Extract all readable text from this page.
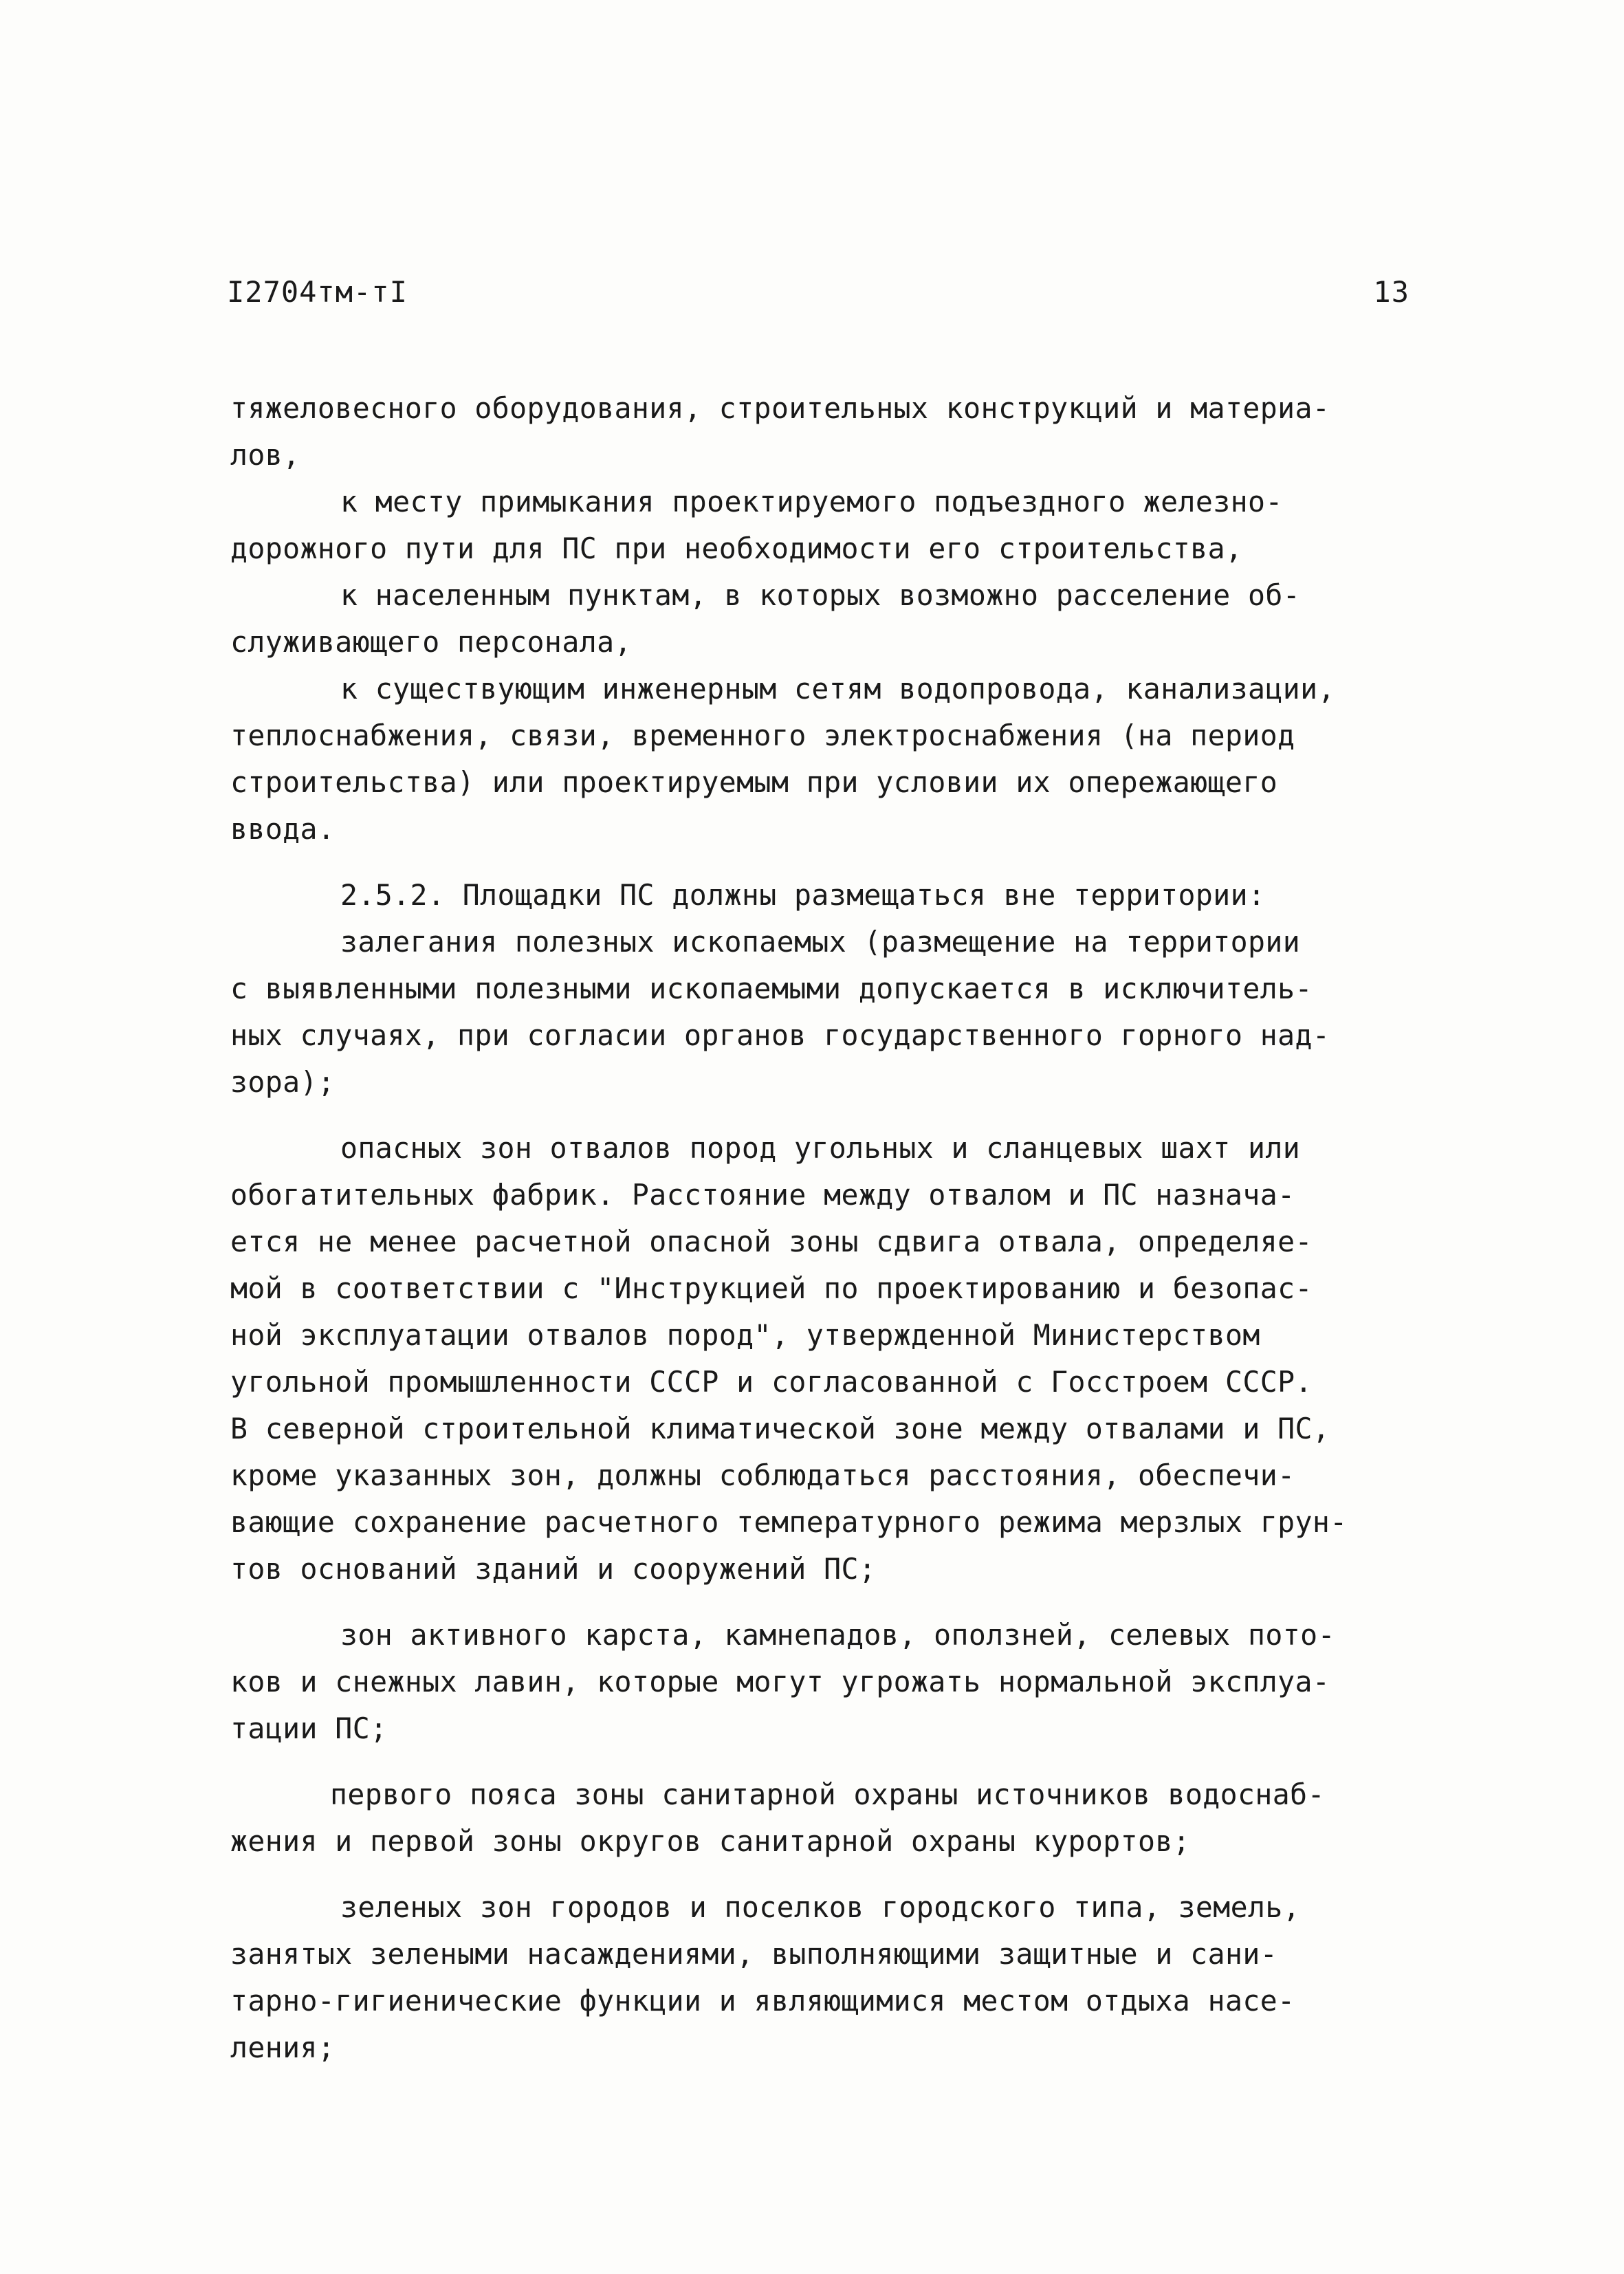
I2704тм-тI	13
тяжеловесного оборудования, строительных конструкций и материа-
лов,
к месту примыкания проектируемого подъездного железно-
дорожного пути для ПС при необходимости его строительства,
к населенным пунктам, в которых возможно расселение об-
служивающего персонала,
к существующим инженерным сетям водопровода, канализации,
теплоснабжения, связи, временного электроснабжения (на период
строительства) или проектируемым при условии их опережающего
ввода.
2.5.2. Площадки ПС должны размещаться вне территории:
залегания полезных ископаемых (размещение на территории
с выявленными полезными ископаемыми допускается в исключитель-
ных случаях, при согласии органов государственного горного над-
зора);
опасных зон отвалов пород угольных и сланцевых шахт или
обогатительных фабрик. Расстояние между отвалом и ПС назнача-
ется не менее расчетной опасной зоны сдвига отвала, определяе-
мой в соответствии с "Инструкцией по проектированию и безопас-
ной эксплуатации отвалов пород", утвержденной Министерством
угольной промышленности СССР и согласованной с Госстроем СССР.
В северной строительной климатической зоне между отвалами и ПС,
кроме указанных зон, должны соблюдаться расстояния, обеспечи-
вающие сохранение расчетного температурного режима мерзлых грун-
тов оснований зданий и сооружений ПС;
зон активного карста, камнепадов, оползней, селевых пото-
ков и снежных лавин, которые могут угрожать нормальной эксплуа-
тации ПС;
первого пояса зоны санитарной охраны источников водоснаб-
жения и первой зоны округов санитарной охраны курортов;
зеленых зон городов и поселков городского типа, земель,
занятых зелеными насаждениями, выполняющими защитные и сани-
тарно-гигиенические функции и являющимися местом отдыха насе-
ления;
